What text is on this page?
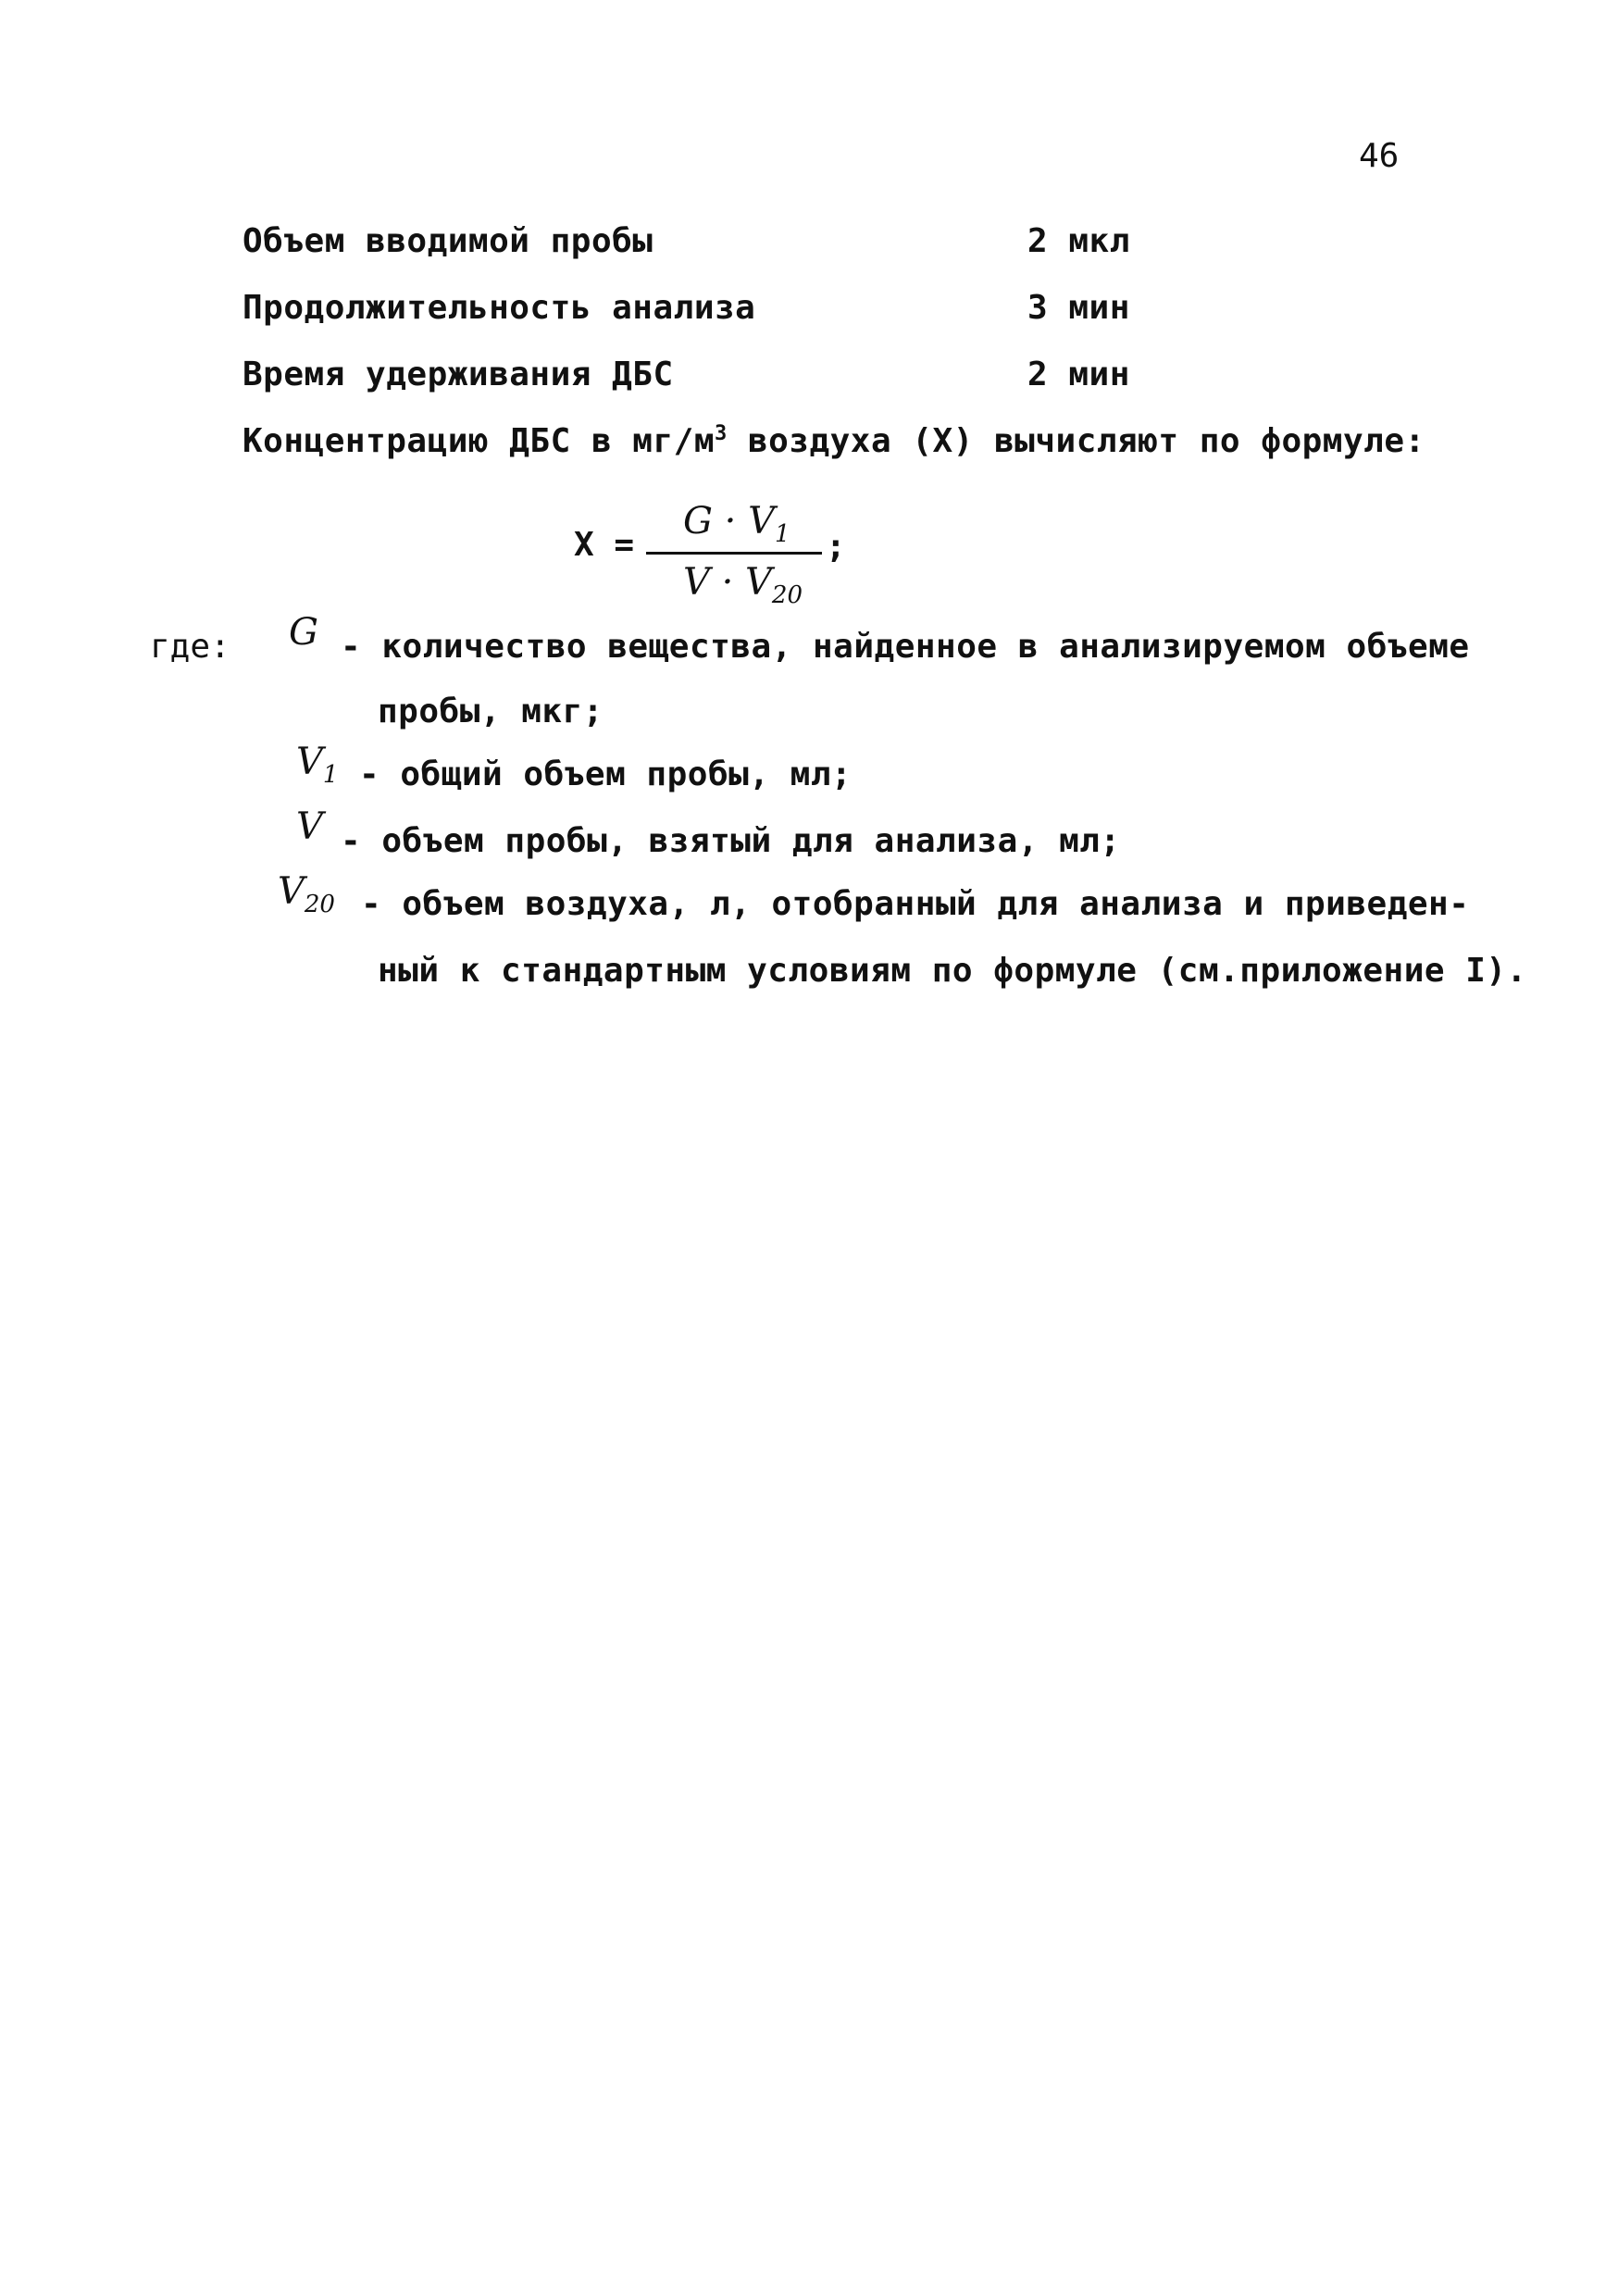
46
Объем вводимой пробы	2 мкл
Продолжительность анализа	3 мин
Время удерживания ДБС	2 мин
Концентрацию ДБС в $мг/м^3$ воздуха (X) вычисляют по формуле:
X =
$G \cdot V_1$
$V \cdot V_{20}$
;
где: G - количество вещества, найденное в анализируемом объеме
пробы, мкг;
$V_1$ - общий объем пробы, мл;
V - объем пробы, взятый для анализа, мл;
$V_{20}$ - объем воздуха, л, отобранный для анализа и приведен-
ный к стандартным условиям по формуле (см.приложение I).
